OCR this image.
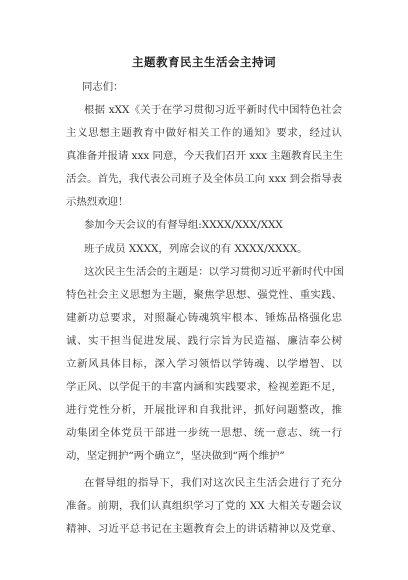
主题教育民主生活会主持词
同志们：
根据 xXX《关于在学习贯彻习近平新时代中国特色社会
主义思想主题教育中做好相关工作的通知》要求，经过认
真准备并报请 xxx 同意，今天我们召开 xxx 主题教育民主生
活会。首先，我代表公司班子及全体员工向 xxx 到会指导表
示热烈欢迎！
参加今天会议的有督导组:XXXX/XXX/XXX
班子成员 XXXX，列席会议的有 XXXX/XXXX。
这次民主生活会的主题是：以学习贯彻习近平新时代中国
特色社会主义思想为主题，聚焦学思想、强党性、重实践、
建新功总要求，对照凝心铸魂筑牢根本、锤炼品格强化忠
诚、实干担当促进发展、践行宗旨为民造福、廉洁奉公树
立新风具体目标，深入学习领悟以学铸魂、以学增智、以
学正风、以学促干的丰富内涵和实践要求，检视差距不足，
进行党性分析，开展批评和自我批评，抓好问题整改，推
动集团全体党员干部进一步统一思想、统一意志、统一行
动，坚定拥护“两个确立”，坚决做到“两个维护”
在督导组的指导下，我们对这次民主生活会进行了充分
准备。前期，我们认真组织学习了党的 XX 大相关专题会议
精神、习近平总书记在主题教育会上的讲话精神以及党章、
